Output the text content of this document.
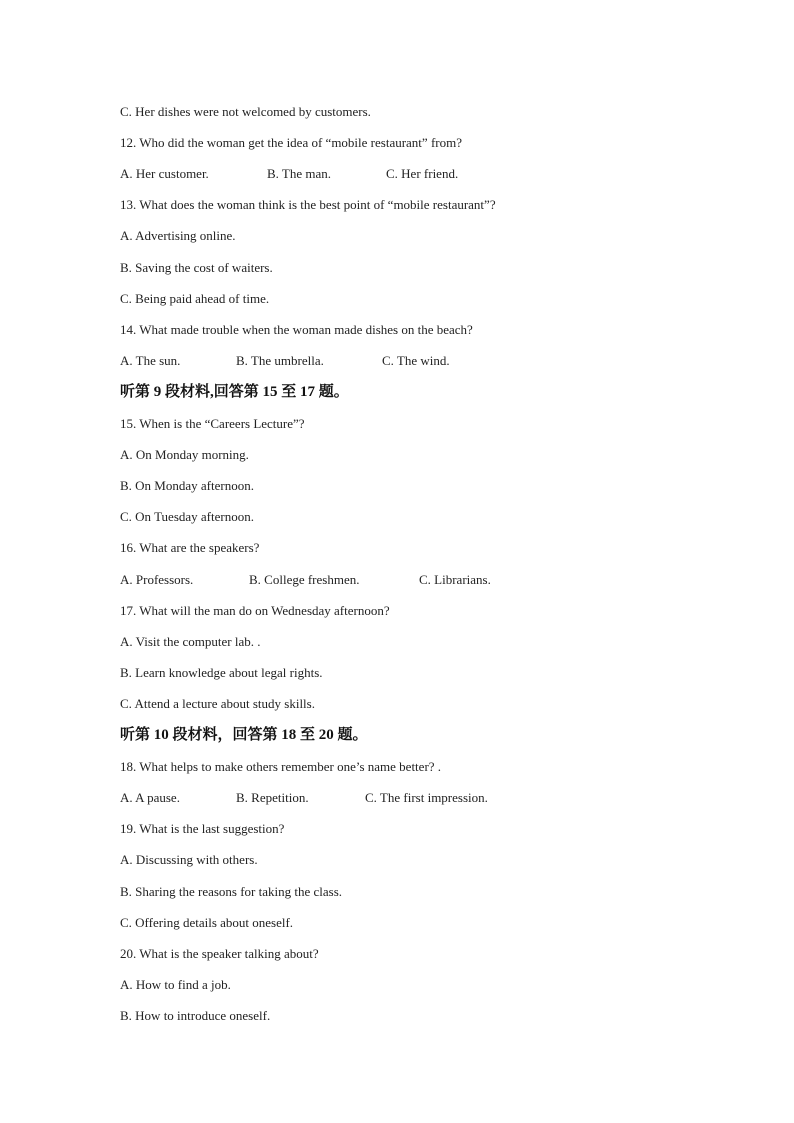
C. Her dishes were not welcomed by customers.
12. Who did the woman get the idea of “mobile restaurant” from?
A. Her customer.	B. The man.	C. Her friend.
13. What does the woman think is the best point of “mobile restaurant”?
A. Advertising online.
B. Saving the cost of waiters.
C. Being paid ahead of time.
14. What made trouble when the woman made dishes on the beach?
A. The sun.	B. The umbrella.	C. The wind.
听第 9 段材料,回答第 15 至 17 题。
15. When is the “Careers Lecture”?
A. On Monday morning.
B. On Monday afternoon.
C. On Tuesday afternoon.
16. What are the speakers?
A. Professors.	B. College freshmen.	C. Librarians.
17. What will the man do on Wednesday afternoon?
A. Visit the computer lab. .
B. Learn knowledge about legal rights.
C. Attend a lecture about study skills.
听第 10 段材料，回答第 18 至 20 题。
18. What helps to make others remember one’s name better? .
A. A pause.	B. Repetition.	C. The first impression.
19. What is the last suggestion?
A. Discussing with others.
B. Sharing the reasons for taking the class.
C. Offering details about oneself.
20. What is the speaker talking about?
A. How to find a job.
B. How to introduce oneself.
